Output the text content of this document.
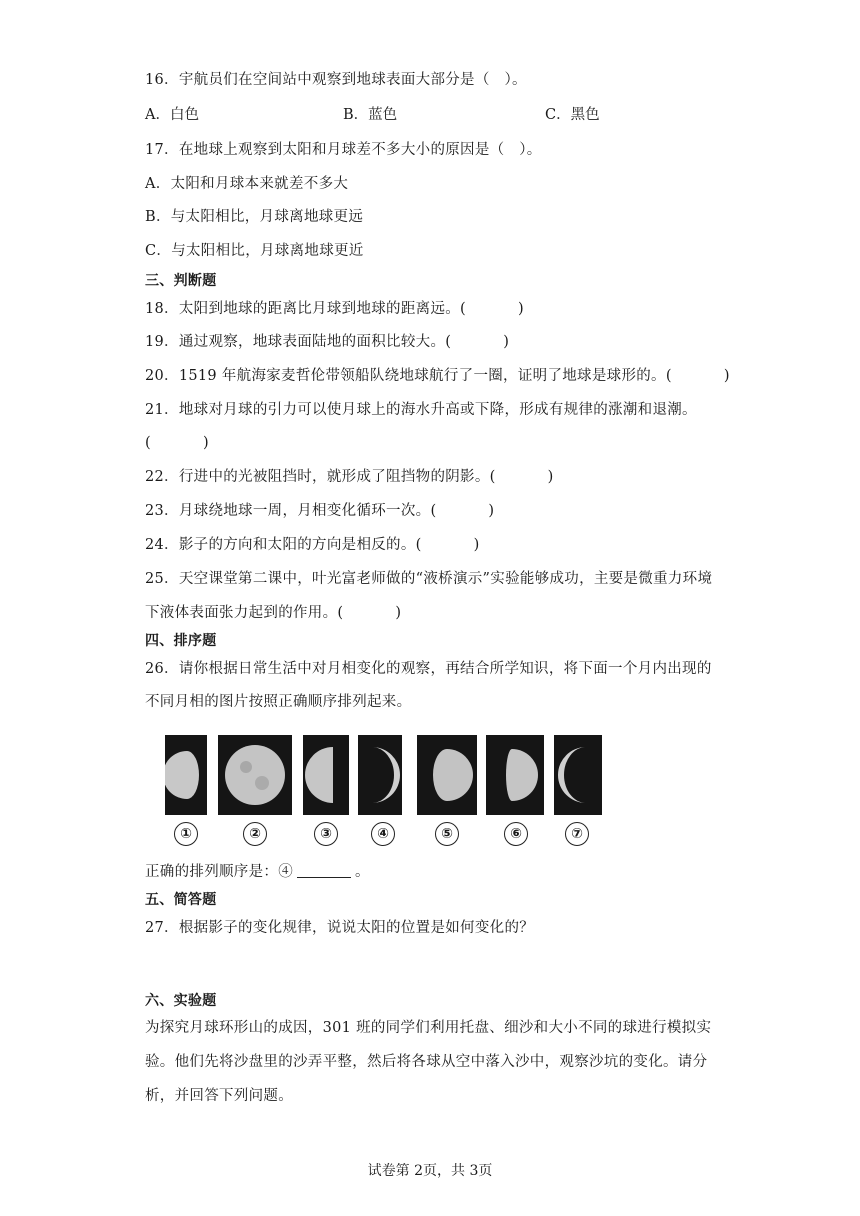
16．宇航员们在空间站中观察到地球表面大部分是（　）。
A．白色	B．蓝色	C．黑色
17．在地球上观察到太阳和月球差不多大小的原因是（　）。
A．太阳和月球本来就差不多大
B．与太阳相比，月球离地球更远
C．与太阳相比，月球离地球更近
三、判断题
18．太阳到地球的距离比月球到地球的距离远。(	)
19．通过观察，地球表面陆地的面积比较大。(	)
20．1519 年航海家麦哲伦带领船队绕地球航行了一圈，证明了地球是球形的。(	)
21．地球对月球的引力可以使月球上的海水升高或下降，形成有规律的涨潮和退潮。
(	)
22．行进中的光被阻挡时，就形成了阻挡物的阴影。(	)
23．月球绕地球一周，月相变化循环一次。(	)
24．影子的方向和太阳的方向是相反的。(	)
25．天空课堂第二课中，叶光富老师做的“液桥演示”实验能够成功，主要是微重力环境
下液体表面张力起到的作用。(	)
四、排序题
26．请你根据日常生活中对月相变化的观察，再结合所学知识，将下面一个月内出现的
不同月相的图片按照正确顺序排列起来。
①	②	③	④	⑤	⑥	⑦
正确的排列顺序是：④	。
五、简答题
27．根据影子的变化规律，说说太阳的位置是如何变化的？
六、实验题
为探究月球环形山的成因，301 班的同学们利用托盘、细沙和大小不同的球进行模拟实
验。他们先将沙盘里的沙弄平整，然后将各球从空中落入沙中，观察沙坑的变化。请分
析，并回答下列问题。
试卷第 2页，共 3页
